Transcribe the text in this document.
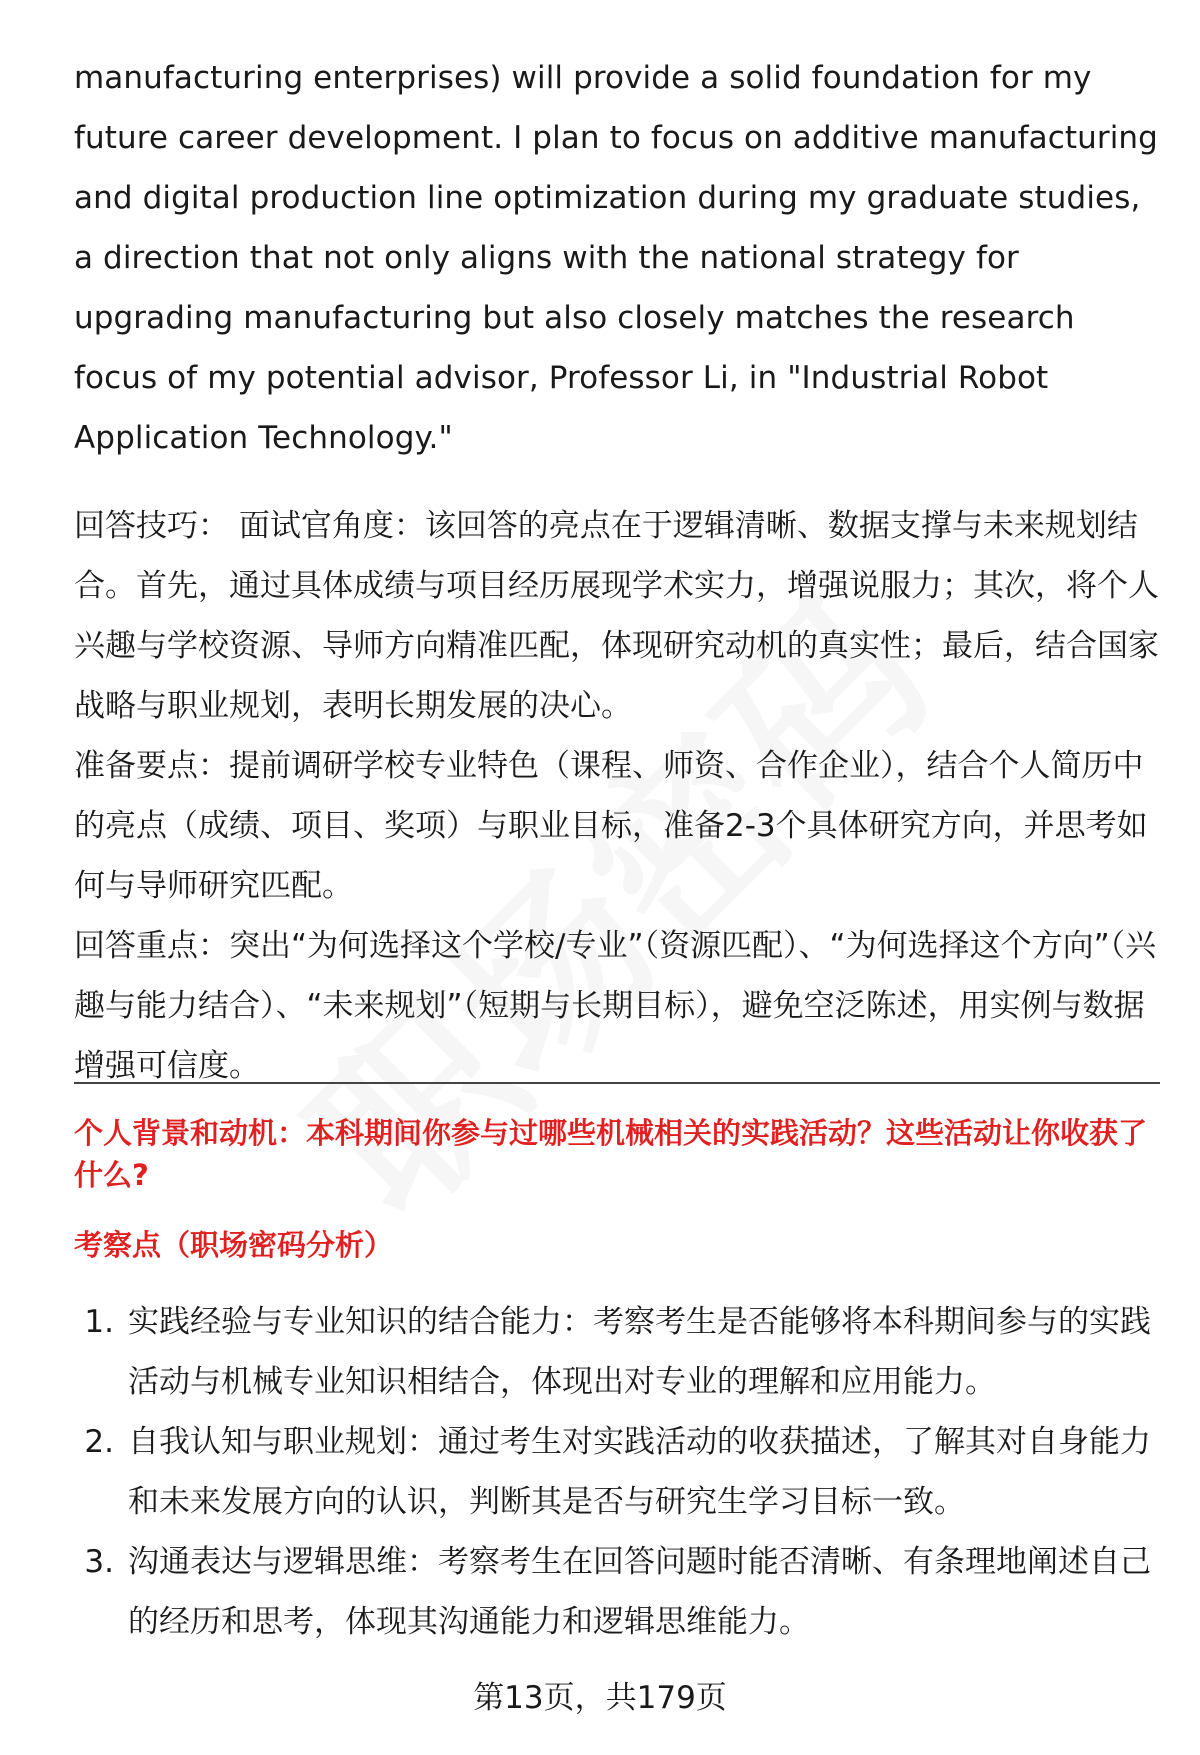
manufacturing enterprises) will provide a solid foundation for my future career development. I plan to focus on additive manufacturing and digital production line optimization during my graduate studies, a direction that not only aligns with the national strategy for upgrading manufacturing but also closely matches the research focus of my potential advisor, Professor Li, in "Industrial Robot Application Technology."

回答技巧： 面试官角度：该回答的亮点在于逻辑清晰、数据支撑与未来规划结合。首先，通过具体成绩与项目经历展现学术实力，增强说服力；其次，将个人兴趣与学校资源、导师方向精准匹配，体现研究动机的真实性；最后，结合国家战略与职业规划，表明长期发展的决心。

准备要点：提前调研学校专业特色（课程、师资、合作企业），结合个人简历中的亮点（成绩、项目、奖项）与职业目标，准备2-3个具体研究方向，并思考如何与导师研究匹配。

回答重点：突出“为何选择这个学校/专业”（资源匹配）、“为何选择这个方向”（兴趣与能力结合）、“未来规划”（短期与长期目标），避免空泛陈述，用实例与数据增强可信度。

个人背景和动机：本科期间你参与过哪些机械相关的实践活动？这些活动让你收获了什么?

考察点（职场密码分析）

1. 实践经验与专业知识的结合能力：考察考生是否能够将本科期间参与的实践活动与机械专业知识相结合，体现出对专业的理解和应用能力。
2. 自我认知与职业规划：通过考生对实践活动的收获描述，了解其对自身能力和未来发展方向的认识，判断其是否与研究生学习目标一致。
3. 沟通表达与逻辑思维：考察考生在回答问题时能否清晰、有条理地阐述自己的经历和思考，体现其沟通能力和逻辑思维能力。
第13页，共179页
